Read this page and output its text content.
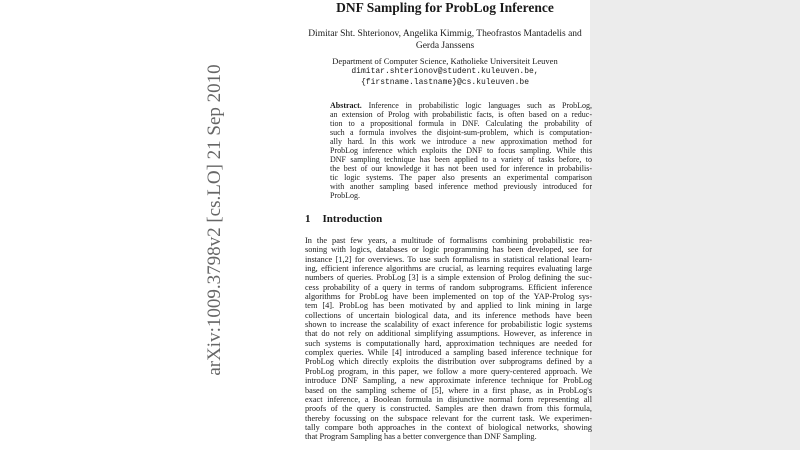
arXiv:1009.3798v2 [cs.LO] 21 Sep 2010
DNF Sampling for ProbLog Inference
Dimitar Sht. Shterionov, Angelika Kimmig, Theofrastos Mantadelis and
Gerda Janssens
Department of Computer Science, Katholieke Universiteit Leuven
dimitar.shterionov@student.kuleuven.be,
{firstname.lastname}@cs.kuleuven.be
Abstract. Inference in probabilistic logic languages such as ProbLog,
an extension of Prolog with probabilistic facts, is often based on a reduc-
tion to a propositional formula in DNF. Calculating the probability of
such a formula involves the disjoint-sum-problem, which is computation-
ally hard. In this work we introduce a new approximation method for
ProbLog inference which exploits the DNF to focus sampling. While this
DNF sampling technique has been applied to a variety of tasks before, to
the best of our knowledge it has not been used for inference in probabilis-
tic logic systems. The paper also presents an experimental comparison
with another sampling based inference method previously introduced for
ProbLog.
1 Introduction
In the past few years, a multitude of formalisms combining probabilistic rea-
soning with logics, databases or logic programming has been developed, see for
instance [1,2] for overviews. To use such formalisms in statistical relational learn-
ing, efficient inference algorithms are crucial, as learning requires evaluating large
numbers of queries. ProbLog [3] is a simple extension of Prolog defining the suc-
cess probability of a query in terms of random subprograms. Efficient inference
algorithms for ProbLog have been implemented on top of the YAP-Prolog sys-
tem [4]. ProbLog has been motivated by and applied to link mining in large
collections of uncertain biological data, and its inference methods have been
shown to increase the scalability of exact inference for probabilistic logic systems
that do not rely on additional simplifying assumptions. However, as inference in
such systems is computationally hard, approximation techniques are needed for
complex queries. While [4] introduced a sampling based inference technique for
ProbLog which directly exploits the distribution over subprograms defined by a
ProbLog program, in this paper, we follow a more query-centered approach. We
introduce DNF Sampling, a new approximate inference technique for ProbLog
based on the sampling scheme of [5], where in a first phase, as in ProbLog's
exact inference, a Boolean formula in disjunctive normal form representing all
proofs of the query is constructed. Samples are then drawn from this formula,
thereby focussing on the subspace relevant for the current task. We experimen-
tally compare both approaches in the context of biological networks, showing
that Program Sampling has a better convergence than DNF Sampling.
